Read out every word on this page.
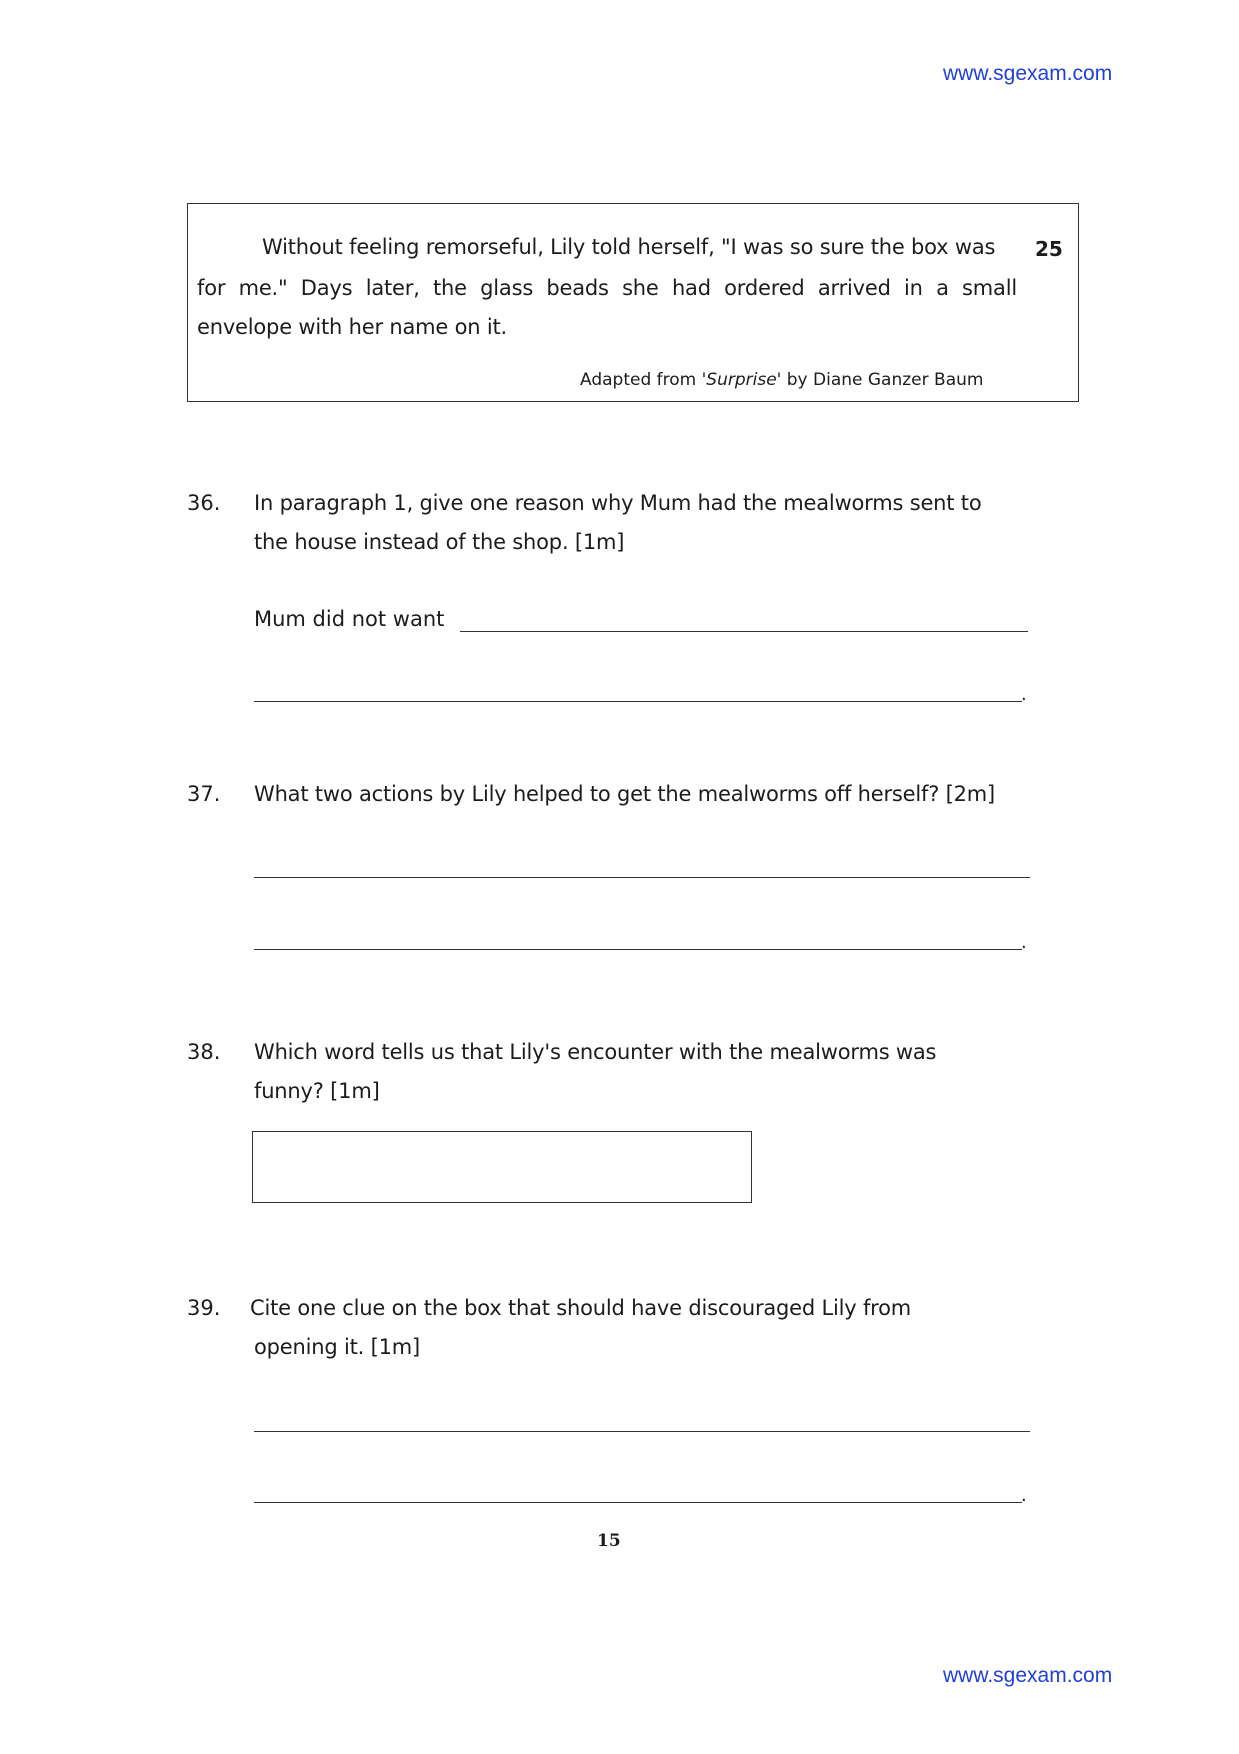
www.sgexam.com
Without feeling remorseful, Lily told herself, "I was so sure the box was 25
for me." Days later, the glass beads she had ordered arrived in a small
envelope with her name on it.
Adapted from 'Surprise' by Diane Ganzer Baum
36. In paragraph 1, give one reason why Mum had the mealworms sent to
the house instead of the shop. [1m]
Mum did not want
.
37. What two actions by Lily helped to get the mealworms off herself? [2m]
.
38. Which word tells us that Lily's encounter with the mealworms was
funny? [1m]
39. Cite one clue on the box that should have discouraged Lily from
opening it. [1m]
.
15
www.sgexam.com
